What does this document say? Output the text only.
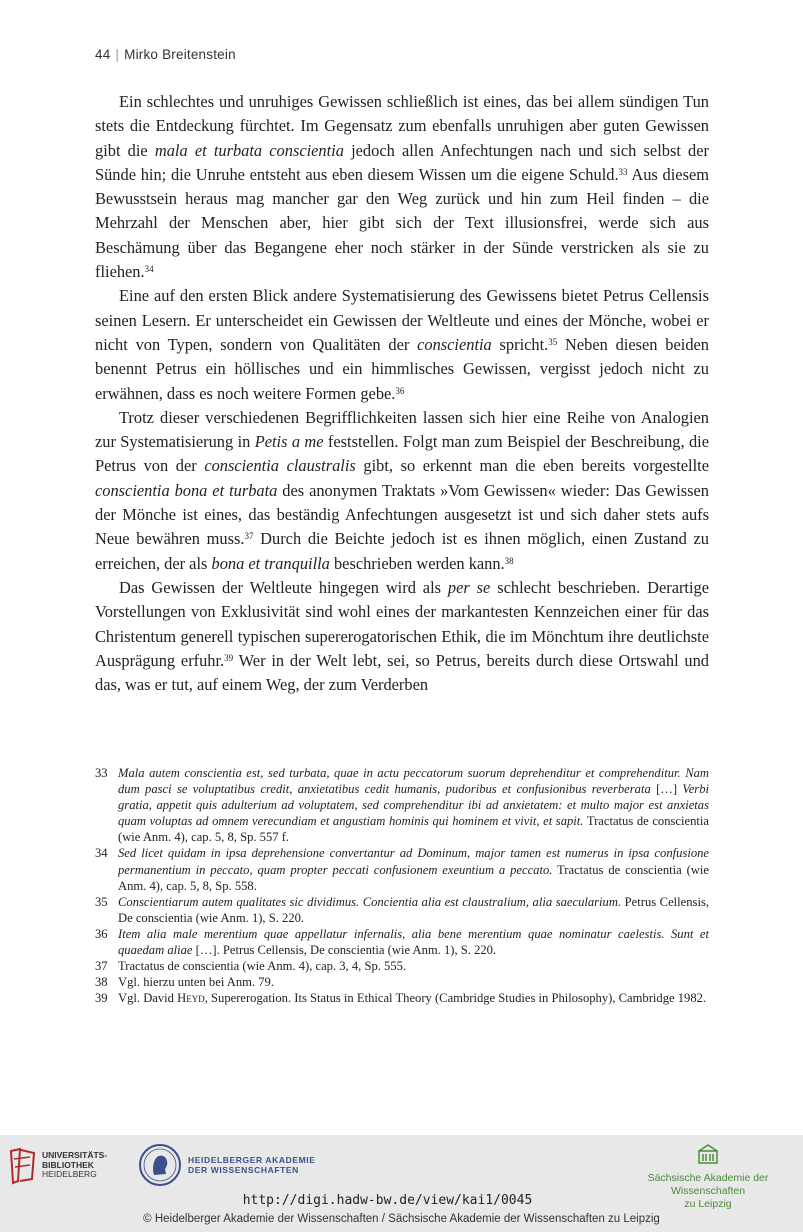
44 | Mirko Breitenstein

Ein schlechtes und unruhiges Gewissen schließlich ist eines, das bei allem sündigen Tun stets die Entdeckung fürchtet. Im Gegensatz zum ebenfalls unruhigen aber guten Gewissen gibt die mala et turbata conscientia jedoch allen Anfechtungen nach und sich selbst der Sünde hin; die Unruhe entsteht aus eben diesem Wissen um die eigene Schuld.$^{33}$ Aus diesem Bewusstsein heraus mag mancher gar den Weg zurück und hin zum Heil finden – die Mehrzahl der Menschen aber, hier gibt sich der Text illusionsfrei, werde sich aus Beschämung über das Begangene eher noch stärker in der Sünde verstricken als sie zu fliehen.$^{34}$

Eine auf den ersten Blick andere Systematisierung des Gewissens bietet Petrus Cellensis seinen Lesern. Er unterscheidet ein Gewissen der Weltleute und eines der Mönche, wobei er nicht von Typen, sondern von Qualitäten der conscientia spricht.$^{35}$ Neben diesen beiden benennt Petrus ein höllisches und ein himmlisches Gewissen, vergisst jedoch nicht zu erwähnen, dass es noch weitere Formen gebe.$^{36}$

Trotz dieser verschiedenen Begrifflichkeiten lassen sich hier eine Reihe von Analogien zur Systematisierung in Petis a me feststellen. Folgt man zum Beispiel der Beschreibung, die Petrus von der conscientia claustralis gibt, so erkennt man die eben bereits vorgestellte conscientia bona et turbata des anonymen Traktats »Vom Gewissen« wieder: Das Gewissen der Mönche ist eines, das beständig Anfechtungen ausgesetzt ist und sich daher stets aufs Neue bewähren muss.$^{37}$ Durch die Beichte jedoch ist es ihnen möglich, einen Zustand zu erreichen, der als bona et tranquilla beschrieben werden kann.$^{38}$

Das Gewissen der Weltleute hingegen wird als per se schlecht beschrieben. Derartige Vorstellungen von Exklusivität sind wohl eines der markantesten Kennzeichen einer für das Christentum generell typischen supererogatorischen Ethik, die im Mönchtum ihre deutlichste Ausprägung erfuhr.$^{39}$ Wer in der Welt lebt, sei, so Petrus, bereits durch diese Ortswahl und das, was er tut, auf einem Weg, der zum Verderben

33 Mala autem conscientia est, sed turbata, quae in actu peccatorum suorum deprehenditur et comprehenditur. Nam dum pasci se voluptatibus credit, anxietatibus cedit humanis, pudoribus et confusionibus reverberata […] Verbi gratia, appetit quis adulterium ad voluptatem, sed comprehenditur ibi ad anxietatem: et multo major est anxietas quam voluptas ad omnem verecundiam et angustiam hominis qui hominem et vivit, et sapit. Tractatus de conscientia (wie Anm. 4), cap. 5, 8, Sp. 557 f.
34 Sed licet quidam in ipsa deprehensione convertantur ad Dominum, major tamen est numerus in ipsa confusione permanentium in peccato, quam propter peccati confusionem exeuntium a peccato. Tractatus de conscientia (wie Anm. 4), cap. 5, 8, Sp. 558.
35 Conscientiarum autem qualitates sic dividimus. Concientia alia est claustralium, alia saecularium. Petrus Cellensis, De conscientia (wie Anm. 1), S. 220.
36 Item alia male merentium quae appellatur infernalis, alia bene merentium quae nominatur caelestis. Sunt et quaedam aliae […]. Petrus Cellensis, De conscientia (wie Anm. 1), S. 220.
37 Tractatus de conscientia (wie Anm. 4), cap. 3, 4, Sp. 555.
38 Vgl. hierzu unten bei Anm. 79.
39 Vgl. David Heyd, Supererogation. Its Status in Ethical Theory (Cambridge Studies in Philosophy), Cambridge 1982.
UNIVERSITÄTS-
BIBLIOTHEK
HEIDELBERG
HEIDELBERGER AKADEMIE
DER WISSENSCHAFTEN
Sächsische Akademie der Wissenschaften
zu Leipzig
http://digi.hadw-bw.de/view/kai1/0045
© Heidelberger Akademie der Wissenschaften / Sächsische Akademie der Wissenschaften zu Leipzig
